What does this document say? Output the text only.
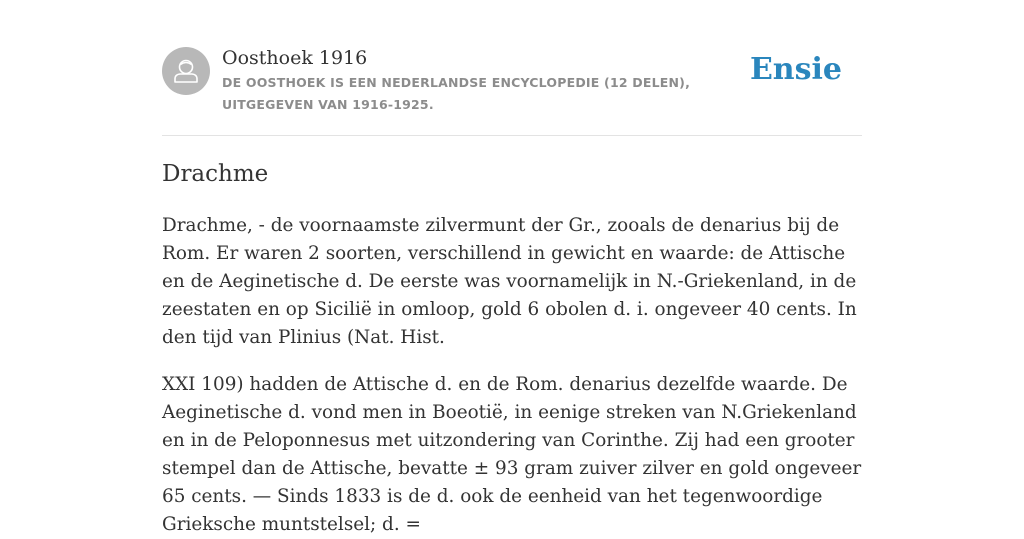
Oosthoek 1916
DE OOSTHOEK IS EEN NEDERLANDSE ENCYCLOPEDIE (12 DELEN), UITGEGEVEN VAN 1916-1925.
Ensie
Drachme

Drachme, - de voornaamste zilvermunt der Gr., zooals de denarius bij de Rom. Er waren 2 soorten, verschillend in gewicht en waarde: de Attische en de Aeginetische d. De eerste was voornamelijk in N.-Griekenland, in de zeestaten en op Sicilië in omloop, gold 6 obolen d. i. ongeveer 40 cents. In den tijd van Plinius (Nat. Hist.

XXI 109) hadden de Attische d. en de Rom. denarius dezelfde waarde. De Aeginetische d. vond men in Boeotië, in eenige streken van N.Griekenland en in de Peloponnesus met uitzondering van Corinthe. Zij had een grooter stempel dan de Attische, bevatte ± 93 gram zuiver zilver en gold ongeveer 65 cents. — Sinds 1833 is de d. ook de eenheid van het tegenwoordige Grieksche muntstelsel; d. =
